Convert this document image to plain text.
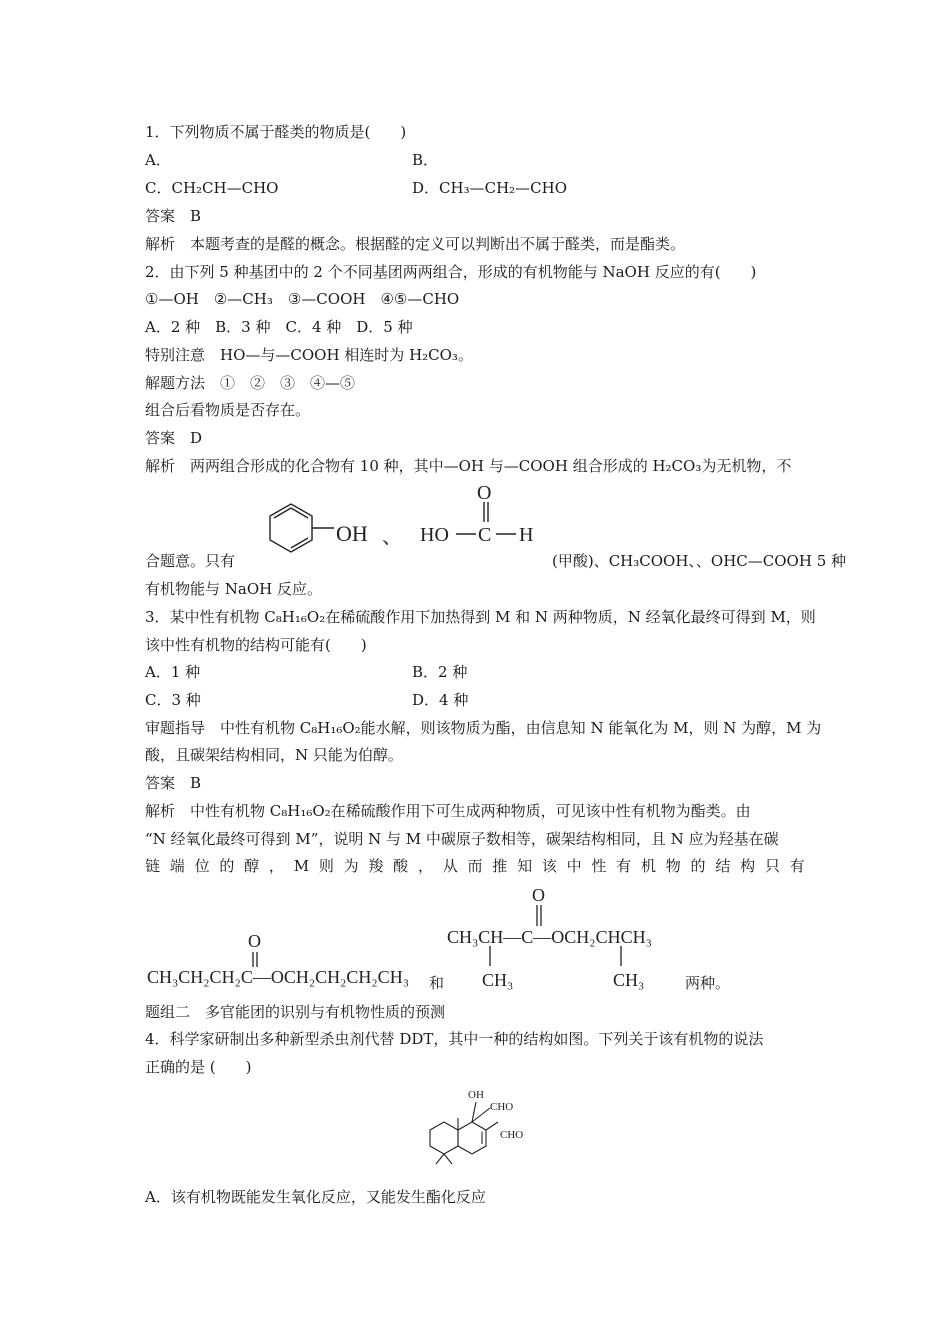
1．下列物质不属于醛类的物质是(　　)
A．	B．
C．CH₂CH—CHO	D．CH₃—CH₂—CHO
答案　B
解析　本题考查的是醛的概念。根据醛的定义可以判断出不属于醛类，而是酯类。
2．由下列 5 种基团中的 2 个不同基团两两组合，形成的有机物能与 NaOH 反应的有(　　)
①—OH　②—CH₃　③—COOH　④⑤—CHO
A．2 种　B．3 种　C．4 种　D．5 种
特别注意　HO—与—COOH 相连时为 H₂CO₃。
解题方法　①　②　③　④—⑤
组合后看物质是否存在。
答案　D
解析　两两组合形成的化合物有 10 种，其中—OH 与—COOH 组合形成的 H₂CO₃为无机物，不
OH 、
O
HO C H
合题意。只有	(甲酸)、CH₃COOH、、OHC—COOH 5 种
有机物能与 NaOH 反应。
3．某中性有机物 C₈H₁₆O₂在稀硫酸作用下加热得到 M 和 N 两种物质，N 经氧化最终可得到 M，则
该中性有机物的结构可能有(　　)
A．1 种	B．2 种
C．3 种	D．4 种
审题指导　中性有机物 C₈H₁₆O₂能水解，则该物质为酯，由信息知 N 能氧化为 M，则 N 为醇，M 为
酸，且碳架结构相同，N 只能为伯醇。
答案　B
解析　中性有机物 C₈H₁₆O₂在稀硫酸作用下可生成两种物质，可见该中性有机物为酯类。由
“N 经氧化最终可得到 M”，说明 N 与 M 中碳原子数相等，碳架结构相同，且 N 应为羟基在碳
链 端 位 的 醇 ， M 则 为 羧 酸 ， 从 而 推 知 该 中 性 有 机 物 的 结 构 只 有
O
CH₃CH₂CH₂C—OCH₂CH₂CH₂CH₃ 和
O
CH₃CH—C—OCH₂CHCH₃
CH₃	CH₃	两种。
题组二　多官能团的识别与有机物性质的预测
4．科学家研制出多种新型杀虫剂代替 DDT，其中一种的结构如图。下列关于该有机物的说法
正确的是 (　　)
OH
CHO
CHO
A．该有机物既能发生氧化反应，又能发生酯化反应
